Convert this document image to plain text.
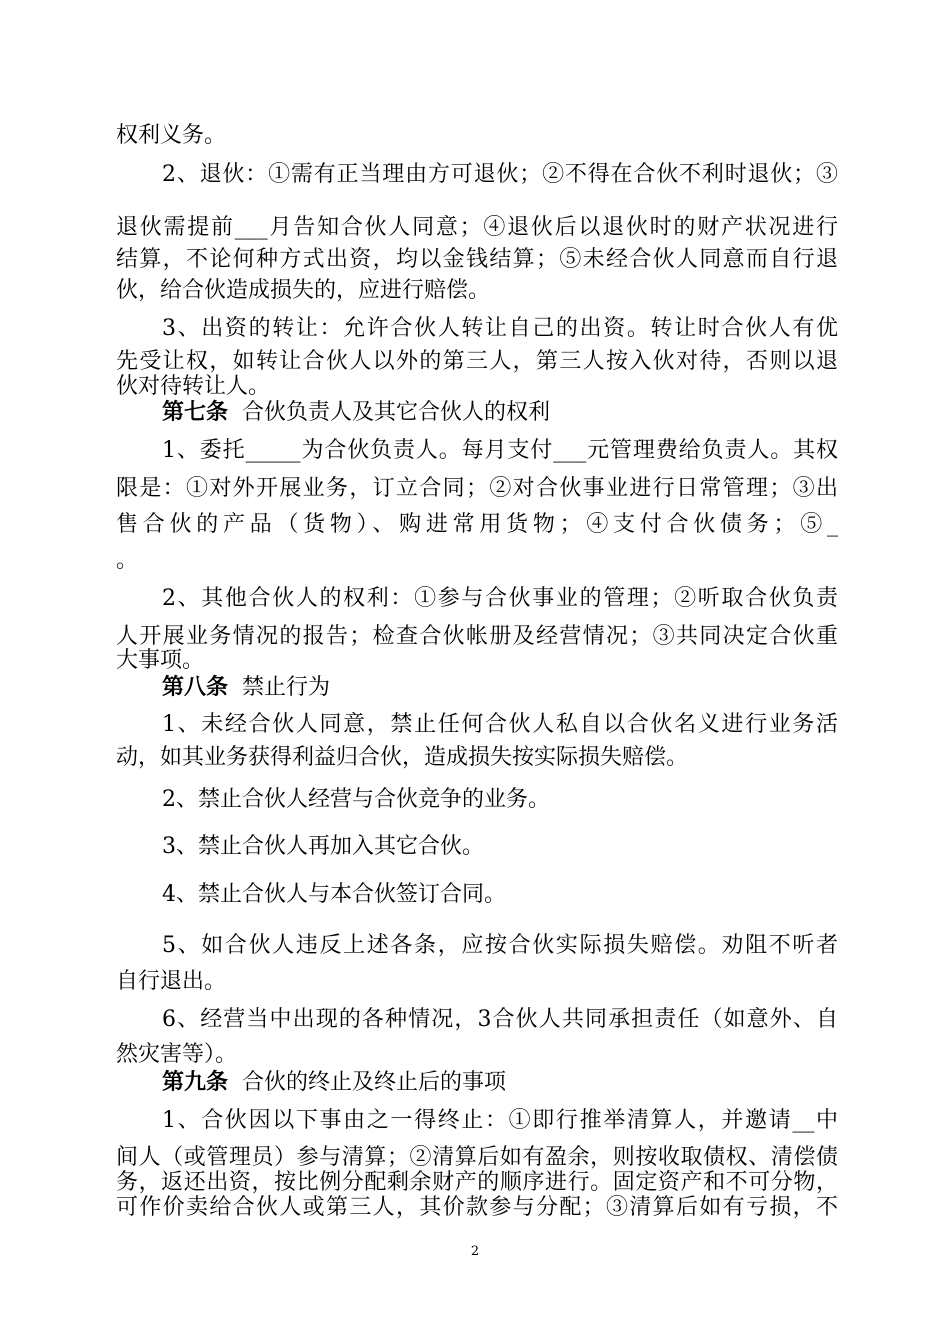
权利义务。
2、退伙：①需有正当理由方可退伙；②不得在合伙不利时退伙；③
退伙需提前___月告知合伙人同意；④退伙后以退伙时的财产状况进行
结算，不论何种方式出资，均以金钱结算；⑤未经合伙人同意而自行退
伙，给合伙造成损失的，应进行赔偿。
3、出资的转让：允许合伙人转让自己的出资。转让时合伙人有优
先受让权，如转让合伙人以外的第三人，第三人按入伙对待，否则以退
伙对待转让人。
第七条 合伙负责人及其它合伙人的权利
1、委托_____为合伙负责人。每月支付___元管理费给负责人。其权
限是：①对外开展业务，订立合同；②对合伙事业进行日常管理；③出
售合伙的产品（货物）、购进常用货物；④支付合伙债务；⑤_
。
2、其他合伙人的权利：①参与合伙事业的管理；②听取合伙负责
人开展业务情况的报告；检查合伙帐册及经营情况；③共同决定合伙重
大事项。
第八条 禁止行为
1、未经合伙人同意，禁止任何合伙人私自以合伙名义进行业务活
动，如其业务获得利益归合伙，造成损失按实际损失赔偿。
2、禁止合伙人经营与合伙竞争的业务。
3、禁止合伙人再加入其它合伙。
4、禁止合伙人与本合伙签订合同。
5、如合伙人违反上述各条，应按合伙实际损失赔偿。劝阻不听者
自行退出。
6、经营当中出现的各种情况，3合伙人共同承担责任（如意外、自
然灾害等）。
第九条 合伙的终止及终止后的事项
1、合伙因以下事由之一得终止：①即行推举清算人，并邀请__中
间人（或管理员）参与清算；②清算后如有盈余，则按收取债权、清偿债
务，返还出资，按比例分配剩余财产的顺序进行。固定资产和不可分物，
可作价卖给合伙人或第三人，其价款参与分配；③清算后如有亏损，不
2
